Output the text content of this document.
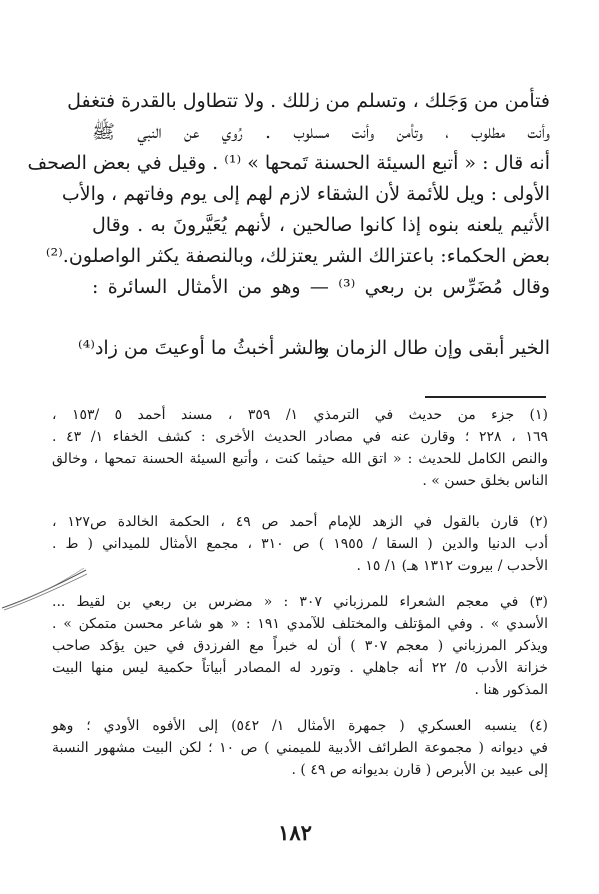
فتأمن من وَجَلك ، وتسلم من زللك . ولا تتطاول بالقدرة فتغفل
وأنت مطلوب ، وتأمن وأنت مسلوب . رُوي عن النبي ﷺ
أنه قال : « أتبع السيئة الحسنة تَمحها » ⁽¹⁾ . وقيل في بعض الصحف
الأولى : ويل للأئمة لأن الشقاء لازم لهم إلى يوم وفاتهم ، والأب
الأثيم يلعنه بنوه إذا كانوا صالحين ، لأنهم يُعَيَّرونَ به . وقال
بعض الحكماء: باعتزالك الشر يعتزلك، وبالنصفة يكثر الواصلون.⁽²⁾
وقال مُضَرِّس بن ربعي ⁽³⁾ — وهو من الأمثال السائرة :
الخير أبقى وإن طال الزمان به
والشر أخبثُ ما أوعيتَ من زاد⁽⁴⁾
(١) جزء من حديث في الترمذي ١/ ٣٥٩ ، مسند أحمد ٥ /١٥٣ ،
١٦٩ ، ٢٢٨ ؛ وقارن عنه في مصادر الحديث الأخرى : كشف الخفاء ١/ ٤٣ .
والنص الكامل للحديث : « اتق الله حيثما كنت ، وأتبع السيئة الحسنة تمحها ، وخالق
الناس بخلق حسن » .
(٢) قارن بالقول في الزهد للإمام أحمد ص ٤٩ ، الحكمة الخالدة ص١٢٧ ،
أدب الدنيا والدين ( السقا / ١٩٥٥ ) ص ٣١٠ ، مجمع الأمثال للميداني ( ط .
الأحدب / بيروت ١٣١٢ هـ) ١/ ١٥ .
(٣) في معجم الشعراء للمرزباني ٣٠٧ : « مضرس بن ربعي بن لقيط ...
الأسدي » . وفي المؤتلف والمختلف للآمدي ١٩١ : « هو شاعر محسن متمكن » .
ويذكر المرزباني ( معجم ٣٠٧ ) أن له خبراً مع الفرزدق في حين يؤكد صاحب
خزانة الأدب ٥/ ٢٢ أنه جاهلي . وتورد له المصادر أبياتاً حكمية ليس منها البيت
المذكور هنا .
(٤) ينسبه العسكري ( جمهرة الأمثال ١/ ٥٤٢) إلى الأفوه الأودي ؛ وهو
في ديوانه ( مجموعة الطرائف الأدبية للميمني ) ص ١٠ ؛ لكن البيت مشهور النسبة
إلى عبيد بن الأبرص ( قارن بديوانه ص ٤٩ ) .
١٨٢
